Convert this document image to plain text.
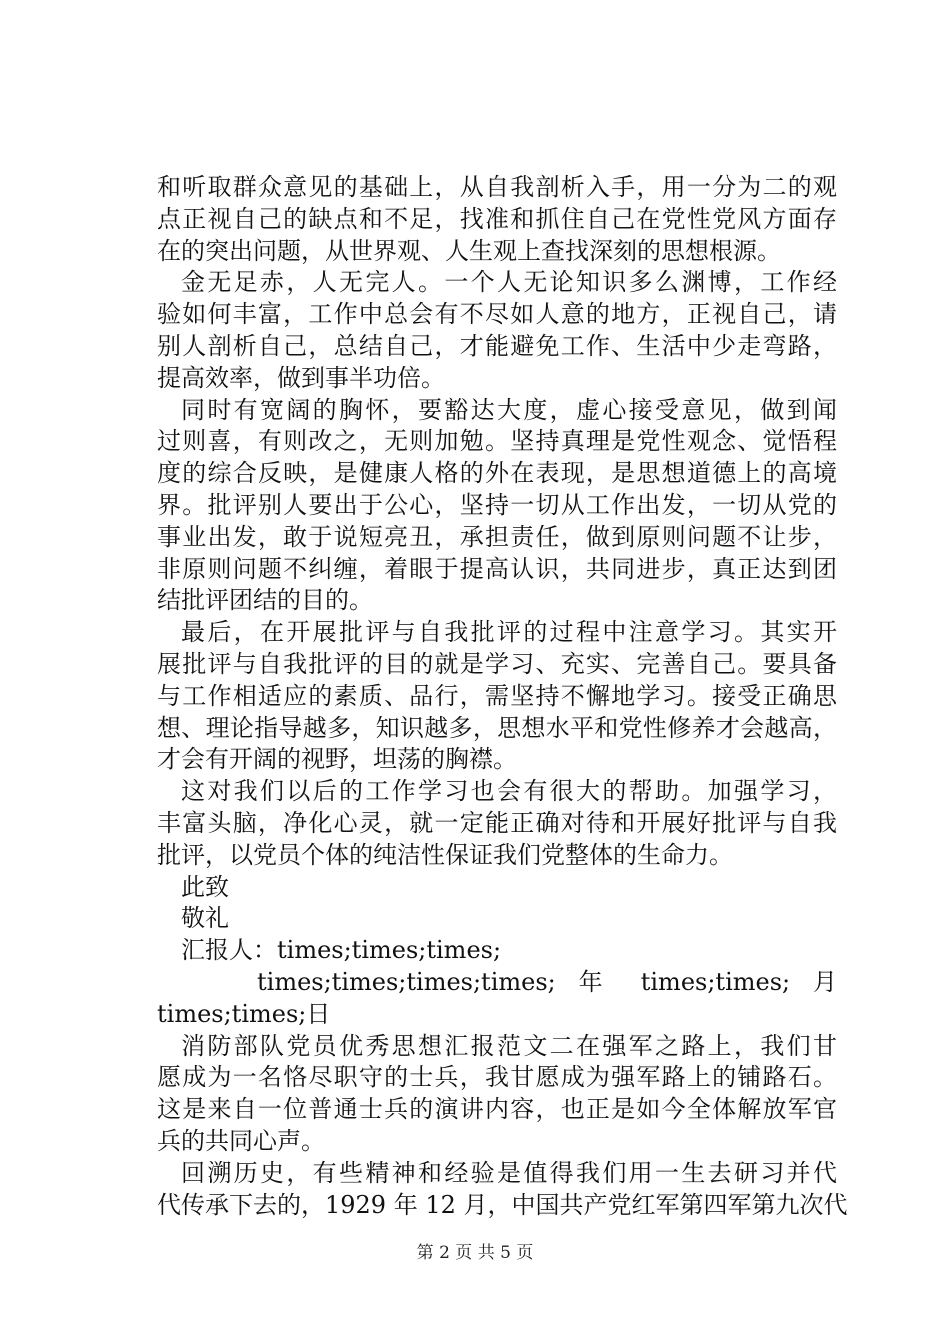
和听取群众意见的基础上，从自我剖析入手，用一分为二的观
点正视自己的缺点和不足，找准和抓住自己在党性党风方面存
在的突出问题，从世界观、人生观上查找深刻的思想根源。
金无足赤，人无完人。一个人无论知识多么渊博，工作经
验如何丰富，工作中总会有不尽如人意的地方，正视自己，请
别人剖析自己，总结自己，才能避免工作、生活中少走弯路，
提高效率，做到事半功倍。
同时有宽阔的胸怀，要豁达大度，虚心接受意见，做到闻
过则喜，有则改之，无则加勉。坚持真理是党性观念、觉悟程
度的综合反映，是健康人格的外在表现，是思想道德上的高境
界。批评别人要出于公心，坚持一切从工作出发，一切从党的
事业出发，敢于说短亮丑，承担责任，做到原则问题不让步，
非原则问题不纠缠，着眼于提高认识，共同进步，真正达到团
结批评团结的目的。
最后，在开展批评与自我批评的过程中注意学习。其实开
展批评与自我批评的目的就是学习、充实、完善自己。要具备
与工作相适应的素质、品行，需坚持不懈地学习。接受正确思
想、理论指导越多，知识越多，思想水平和党性修养才会越高，
才会有开阔的视野，坦荡的胸襟。
这对我们以后的工作学习也会有很大的帮助。加强学习，
丰富头脑，净化心灵，就一定能正确对待和开展好批评与自我
批评，以党员个体的纯洁性保证我们党整体的生命力。
此致
敬礼
汇报人：times;times;times;
times;times;times;times; 年 times;times; 月
times;times;日
消防部队党员优秀思想汇报范文二在强军之路上，我们甘
愿成为一名恪尽职守的士兵，我甘愿成为强军路上的铺路石。
这是来自一位普通士兵的演讲内容，也正是如今全体解放军官
兵的共同心声。
回溯历史，有些精神和经验是值得我们用一生去研习并代
代传承下去的，1929 年 12 月，中国共产党红军第四军第九次代
第 2 页 共 5 页
